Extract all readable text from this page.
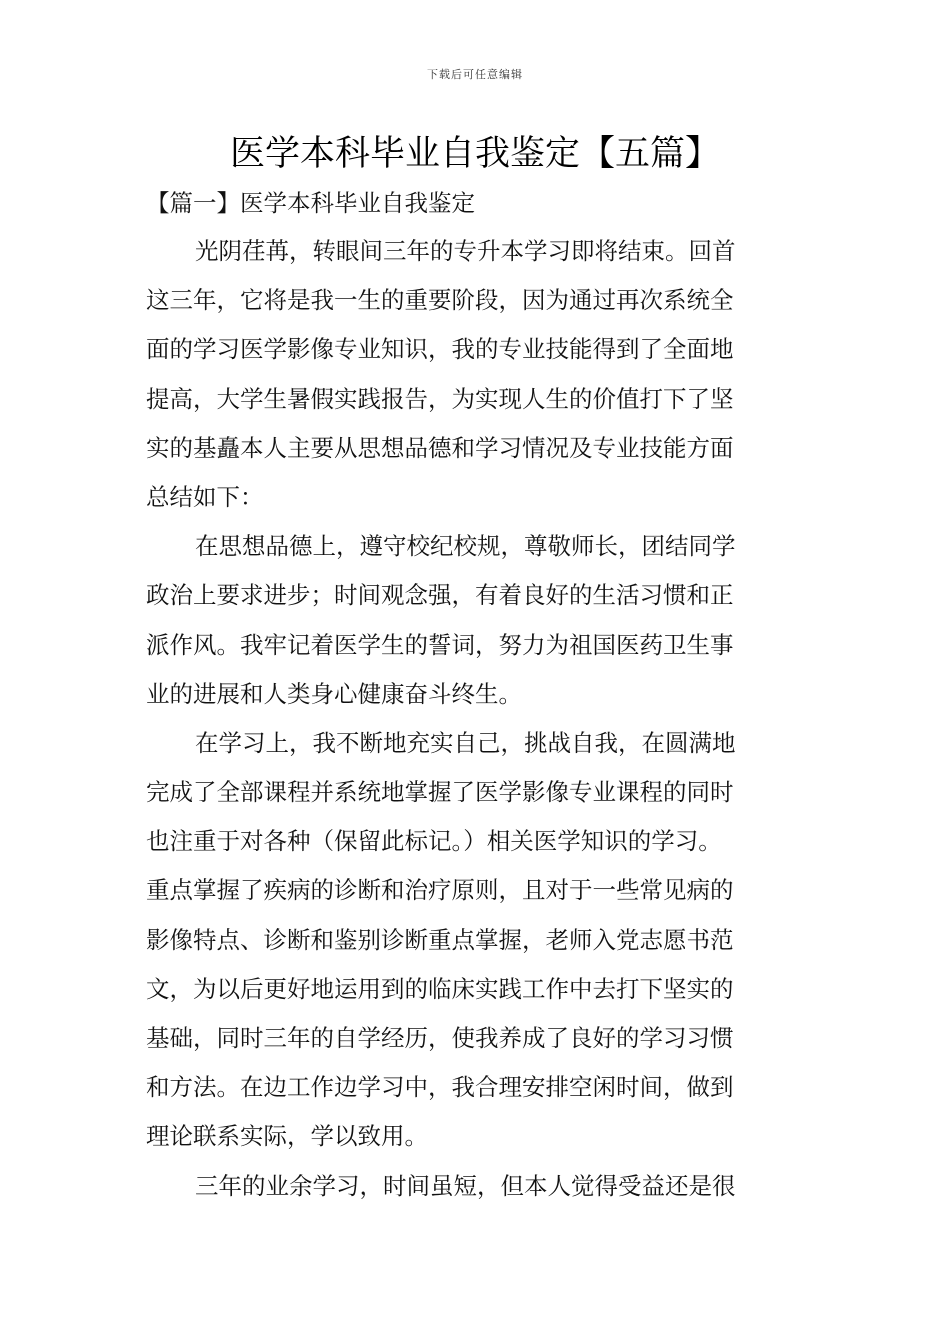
下载后可任意编辑
医学本科毕业自我鉴定【五篇】
【篇一】医学本科毕业自我鉴定
光阴荏苒，转眼间三年的专升本学习即将结束。回首
这三年，它将是我一生的重要阶段，因为通过再次系统全
面的学习医学影像专业知识，我的专业技能得到了全面地
提高，大学生暑假实践报告，为实现人生的价值打下了坚
实的基矗本人主要从思想品德和学习情况及专业技能方面
总结如下：
在思想品德上，遵守校纪校规，尊敬师长，团结同学
政治上要求进步；时间观念强，有着良好的生活习惯和正
派作风。我牢记着医学生的誓词，努力为祖国医药卫生事
业的进展和人类身心健康奋斗终生。
在学习上，我不断地充实自己，挑战自我，在圆满地
完成了全部课程并系统地掌握了医学影像专业课程的同时
也注重于对各种（保留此标记。）相关医学知识的学习。
重点掌握了疾病的诊断和治疗原则，且对于一些常见病的
影像特点、诊断和鉴别诊断重点掌握，老师入党志愿书范
文，为以后更好地运用到的临床实践工作中去打下坚实的
基础，同时三年的自学经历，使我养成了良好的学习习惯
和方法。在边工作边学习中，我合理安排空闲时间，做到
理论联系实际，学以致用。
三年的业余学习，时间虽短，但本人觉得受益还是很
